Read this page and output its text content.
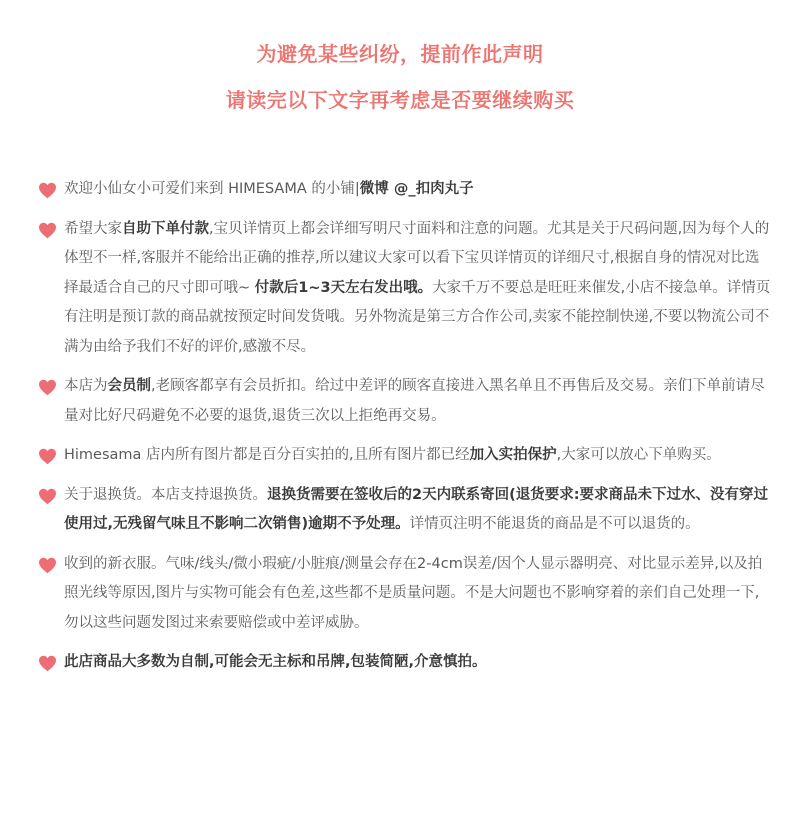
为避免某些纠纷，提前作此声明
请读完以下文字再考虑是否要继续购买
欢迎小仙女小可爱们来到 HIMESAMA 的小铺|微博 @_扣肉丸子
希望大家自助下单付款,宝贝详情页上都会详细写明尺寸面料和注意的问题。尤其是关于尺码问题,因为每个人的体型不一样,客服并不能给出正确的推荐,所以建议大家可以看下宝贝详情页的详细尺寸,根据自身的情况对比选择最适合自己的尺寸即可哦~ 付款后1~3天左右发出哦。大家千万不要总是旺旺来催发,小店不接急单。详情页有注明是预订款的商品就按预定时间发货哦。另外物流是第三方合作公司,卖家不能控制快递,不要以物流公司不满为由给予我们不好的评价,感激不尽。
本店为会员制,老顾客都享有会员折扣。给过中差评的顾客直接进入黑名单且不再售后及交易。亲们下单前请尽量对比好尺码避免不必要的退货,退货三次以上拒绝再交易。
Himesama 店内所有图片都是百分百实拍的,且所有图片都已经加入实拍保护,大家可以放心下单购买。
关于退换货。本店支持退换货。退换货需要在签收后的2天内联系寄回(退货要求:要求商品未下过水、没有穿过使用过,无残留气味且不影响二次销售)逾期不予处理。详情页注明不能退货的商品是不可以退货的。
收到的新衣服。气味/线头/微小瑕疵/小脏痕/测量会存在2-4cm误差/因个人显示器明亮、对比显示差异,以及拍照光线等原因,图片与实物可能会有色差,这些都不是质量问题。不是大问题也不影响穿着的亲们自己处理一下,勿以这些问题发图过来索要赔偿或中差评威胁。
此店商品大多数为自制,可能会无主标和吊牌,包装简陋,介意慎拍。
